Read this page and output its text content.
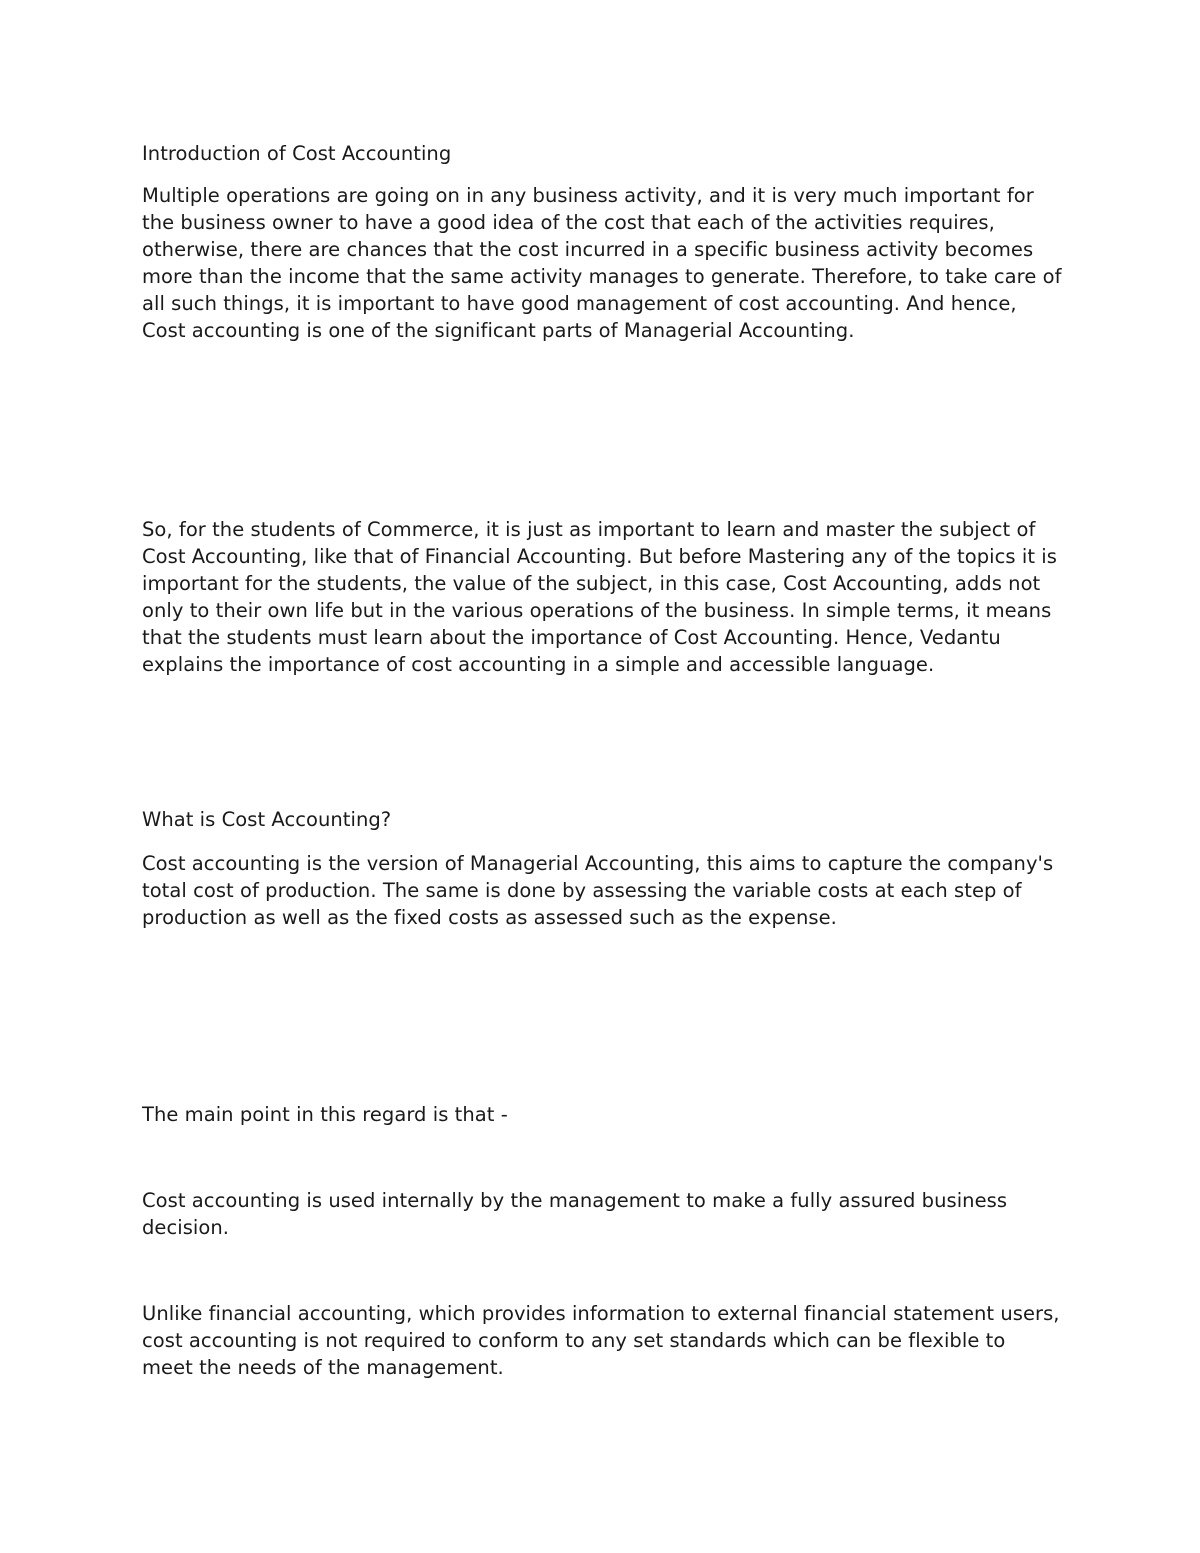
Introduction of Cost Accounting

Multiple operations are going on in any business activity, and it is very much important for the business owner to have a good idea of the cost that each of the activities requires, otherwise, there are chances that the cost incurred in a specific business activity becomes more than the income that the same activity manages to generate. Therefore, to take care of all such things, it is important to have good management of cost accounting. And hence, Cost accounting is one of the significant parts of Managerial Accounting.

So, for the students of Commerce, it is just as important to learn and master the subject of Cost Accounting, like that of Financial Accounting. But before Mastering any of the topics it is important for the students, the value of the subject, in this case, Cost Accounting, adds not only to their own life but in the various operations of the business. In simple terms, it means that the students must learn about the importance of Cost Accounting. Hence, Vedantu explains the importance of cost accounting in a simple and accessible language.

What is Cost Accounting?

Cost accounting is the version of Managerial Accounting, this aims to capture the company's total cost of production. The same is done by assessing the variable costs at each step of production as well as the fixed costs as assessed such as the expense.

The main point in this regard is that -

Cost accounting is used internally by the management to make a fully assured business decision.

Unlike financial accounting, which provides information to external financial statement users, cost accounting is not required to conform to any set standards which can be flexible to meet the needs of the management.
